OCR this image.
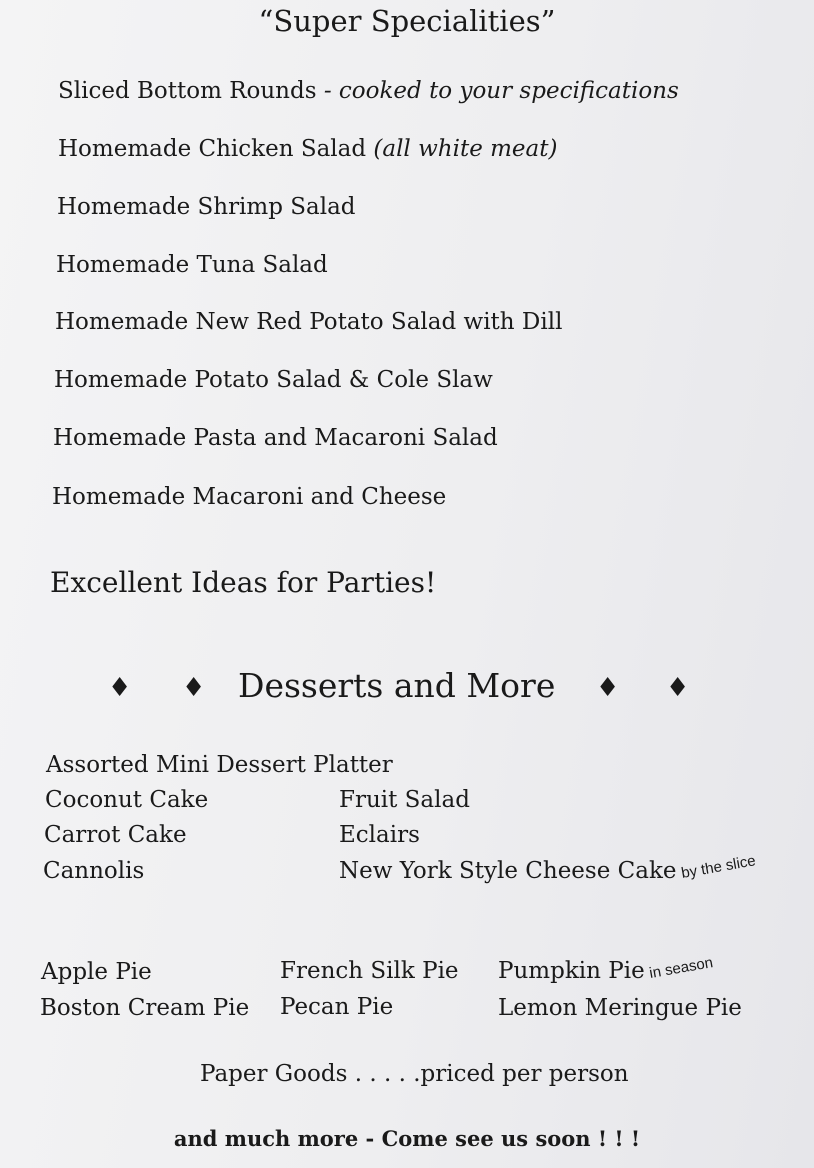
“Super Specialities”
Sliced Bottom Rounds - cooked to your specifications
Homemade Chicken Salad (all white meat)
Homemade Shrimp Salad
Homemade Tuna Salad
Homemade New Red Potato Salad with Dill
Homemade Potato Salad & Cole Slaw
Homemade Pasta and Macaroni Salad
Homemade Macaroni and Cheese
Excellent Ideas for Parties!
♦ ♦ Desserts and More ♦ ♦
Assorted Mini Dessert Platter
Coconut Cake
Carrot Cake
Cannolis
Fruit Salad
Eclairs
New York Style Cheese Cake by the slice
Apple Pie
Boston Cream Pie
French Silk Pie
Pecan Pie
Pumpkin Pie in season
Lemon Meringue Pie
Paper Goods . . . . .priced per person
and much more - Come see us soon ! ! !
